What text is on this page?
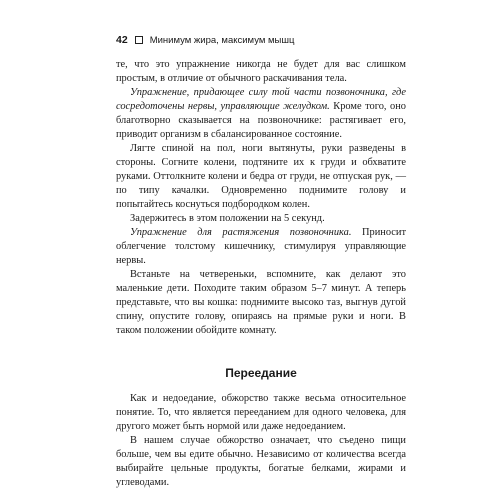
42 Минимум жира, максимум мышц

те, что это упражнение никогда не будет для вас слишком простым, в отличие от обычного раскачивания тела.

Упражнение, придающее силу той части позвоночника, где сосредоточены нервы, управляющие желудком. Кроме того, оно благотворно сказывается на позвоночнике: растягивает его, приводит организм в сбалансированное состояние.

Лягте спиной на пол, ноги вытянуты, руки разведены в стороны. Согните колени, подтяните их к груди и обхватите руками. Оттолкните колени и бедра от груди, не отпуская рук, — по типу качалки. Одновременно поднимите голову и попытайтесь коснуться подбородком колен.

Задержитесь в этом положении на 5 секунд.

Упражнение для растяжения позвоночника. Приносит облегчение толстому кишечнику, стимулируя управляющие нервы.

Встаньте на четвереньки, вспомните, как делают это маленькие дети. Походите таким образом 5–7 минут. А теперь представьте, что вы кошка: поднимите высоко таз, выгнув дугой спину, опустите голову, опираясь на прямые руки и ноги. В таком положении обойдите комнату.

Переедание

Как и недоедание, обжорство также весьма относительное понятие. То, что является перееданием для одного человека, для другого может быть нормой или даже недоеданием.

В нашем случае обжорство означает, что съедено пищи больше, чем вы едите обычно. Независимо от количества всегда выбирайте цельные продукты, богатые белками, жирами и углеводами.
